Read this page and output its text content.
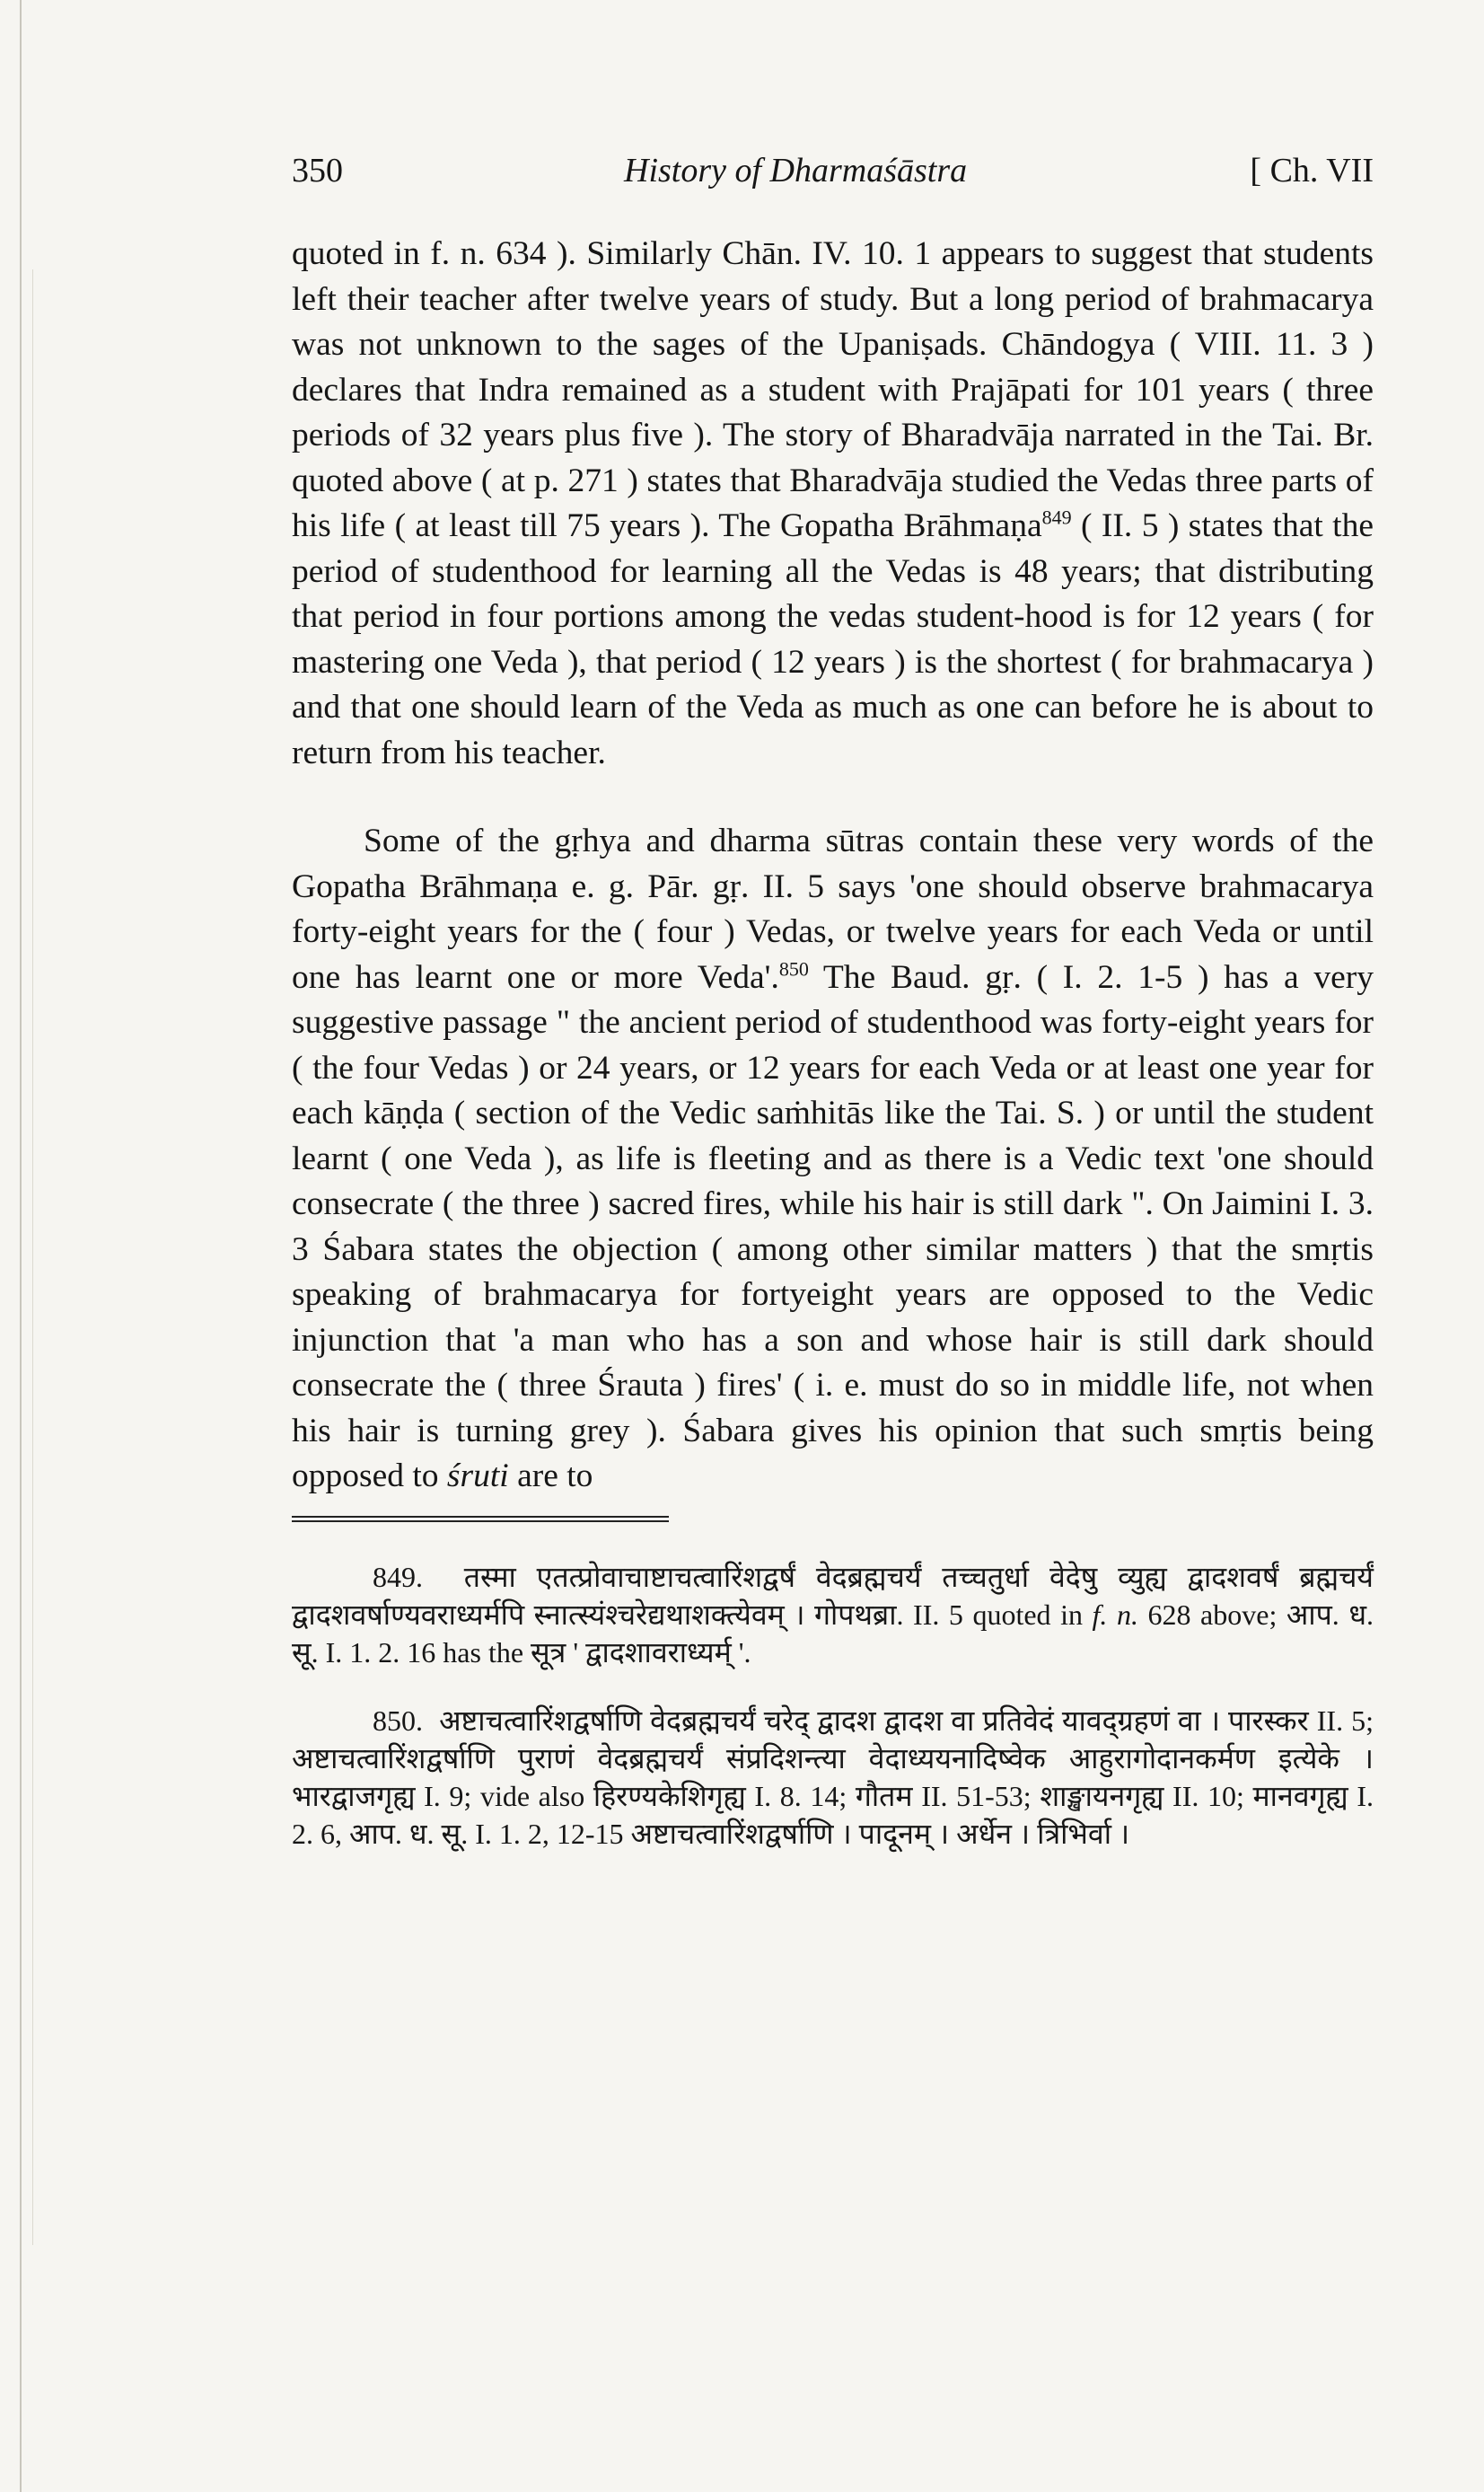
350	History of Dharmaśāstra	[ Ch. VII

quoted in f. n. 634 ). Similarly Chān. IV. 10. 1 appears to suggest that students left their teacher after twelve years of study. But a long period of brahmacarya was not unknown to the sages of the Upaniṣads. Chāndogya ( VIII. 11. 3 ) declares that Indra remained as a student with Prajāpati for 101 years ( three periods of 32 years plus five ). The story of Bharadvāja narrated in the Tai. Br. quoted above ( at p. 271 ) states that Bharadvāja studied the Vedas three parts of his life ( at least till 75 years ). The Gopatha Brāhmaṇa$^{849}$ ( II. 5 ) states that the period of studenthood for learning all the Vedas is 48 years; that distributing that period in four portions among the vedas student-hood is for 12 years ( for mastering one Veda ), that period ( 12 years ) is the shortest ( for brahmacarya ) and that one should learn of the Veda as much as one can before he is about to return from his teacher.

Some of the gṛhya and dharma sūtras contain these very words of the Gopatha Brāhmaṇa e. g. Pār. gṛ. II. 5 says 'one should observe brahmacarya forty-eight years for the ( four ) Vedas, or twelve years for each Veda or until one has learnt one or more Veda'.$^{850}$ The Baud. gṛ. ( I. 2. 1-5 ) has a very suggestive passage " the ancient period of studenthood was forty-eight years for ( the four Vedas ) or 24 years, or 12 years for each Veda or at least one year for each kāṇḍa ( section of the Vedic saṁhitās like the Tai. S. ) or until the student learnt ( one Veda ), as life is fleeting and as there is a Vedic text 'one should consecrate ( the three ) sacred fires, while his hair is still dark ". On Jaimini I. 3. 3 Śabara states the objection ( among other similar matters ) that the smṛtis speaking of brahmacarya for fortyeight years are opposed to the Vedic injunction that 'a man who has a son and whose hair is still dark should consecrate the ( three Śrauta ) fires' ( i. e. must do so in middle life, not when his hair is turning grey ). Śabara gives his opinion that such smṛtis being opposed to śruti are to

849. तस्मा एतत्प्रोवाचाष्टाचत्वारिंशद्वर्षं वेदब्रह्मचर्यं तच्चतुर्धा वेदेषु व्युह्य द्वादशवर्षं ब्रह्मचर्यं द्वादशवर्षाण्यवराध्यर्मपि स्नात्स्यंश्चरेद्यथाशक्त्येवम् । गोपथब्रा. II. 5 quoted in f. n. 628 above; आप. ध. सू. I. 1. 2. 16 has the सूत्र ' द्वादशावराध्यर्म् '.

850. अष्टाचत्वारिंशद्वर्षाणि वेदब्रह्मचर्यं चरेद् द्वादश द्वादश वा प्रतिवेदं यावद्ग्रहणं वा । पारस्कर II. 5; अष्टाचत्वारिंशद्वर्षाणि पुराणं वेदब्रह्मचर्यं संप्रदिशन्त्या वेदाध्ययनादिष्वेक आहुरागोदानकर्मण इत्येके । भारद्वाजगृह्य I. 9; vide also हिरण्यकेशिगृह्य I. 8. 14; गौतम II. 51-53; शाङ्खायनगृह्य II. 10; मानवगृह्य I. 2. 6, आप. ध. सू. I. 1. 2, 12-15 अष्टाचत्वारिंशद्वर्षाणि । पादूनम् । अर्धेन । त्रिभिर्वा ।
